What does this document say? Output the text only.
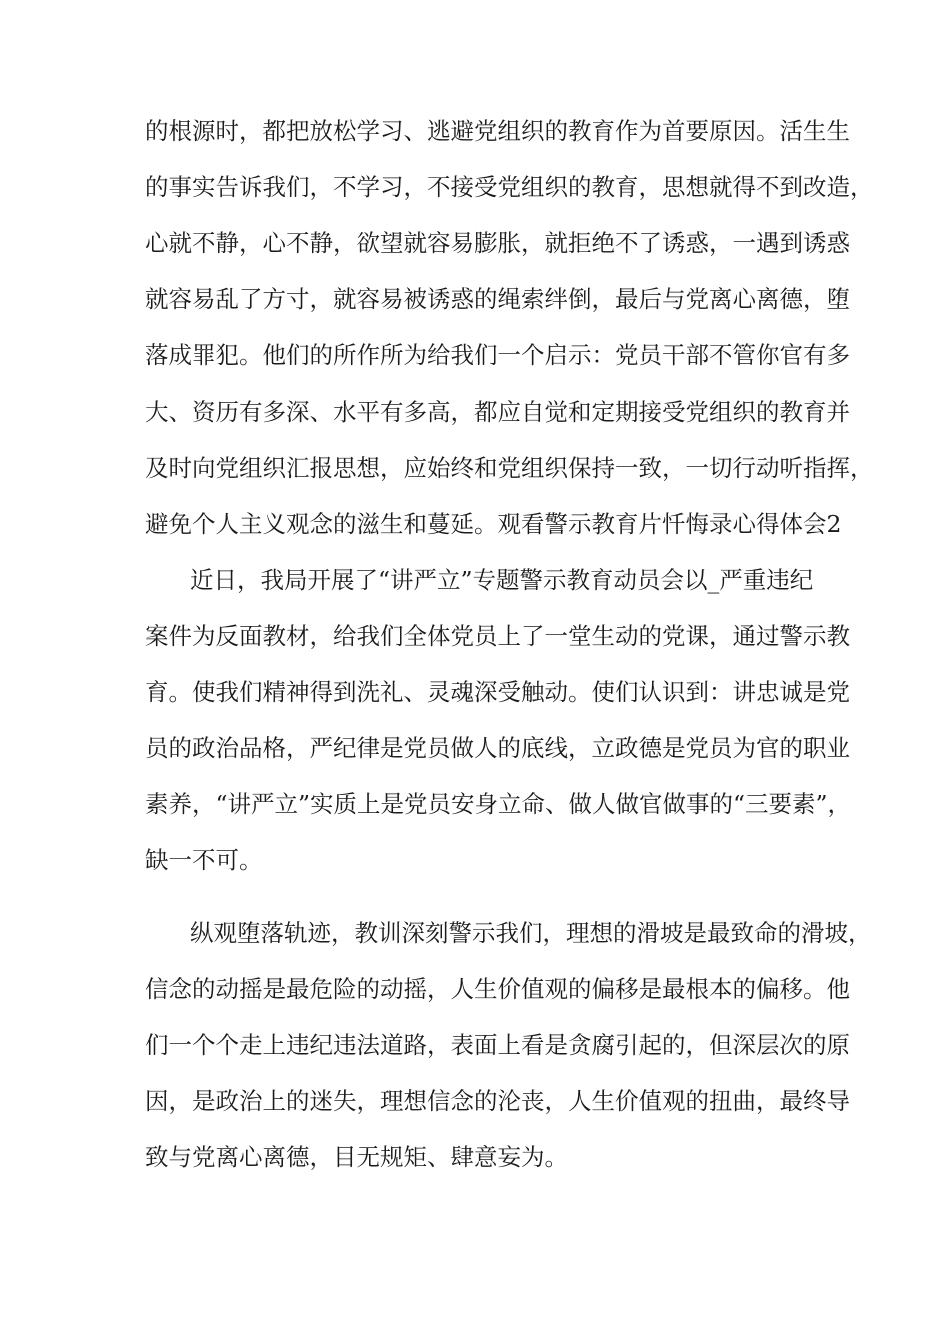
的根源时，都把放松学习、逃避党组织的教育作为首要原因。活生生
的事实告诉我们，不学习，不接受党组织的教育，思想就得不到改造，
心就不静，心不静，欲望就容易膨胀，就拒绝不了诱惑，一遇到诱惑
就容易乱了方寸，就容易被诱惑的绳索绊倒，最后与党离心离德，堕
落成罪犯。他们的所作所为给我们一个启示：党员干部不管你官有多
大、资历有多深、水平有多高，都应自觉和定期接受党组织的教育并
及时向党组织汇报思想，应始终和党组织保持一致，一切行动听指挥，
避免个人主义观念的滋生和蔓延。观看警示教育片忏悔录心得体会2
近日，我局开展了“讲严立”专题警示教育动员会以_严重违纪
案件为反面教材，给我们全体党员上了一堂生动的党课，通过警示教
育。使我们精神得到洗礼、灵魂深受触动。使们认识到：讲忠诚是党
员的政治品格，严纪律是党员做人的底线，立政德是党员为官的职业
素养，“讲严立”实质上是党员安身立命、做人做官做事的“三要素”，
缺一不可。
纵观堕落轨迹，教训深刻警示我们，理想的滑坡是最致命的滑坡，
信念的动摇是最危险的动摇，人生价值观的偏移是最根本的偏移。他
们一个个走上违纪违法道路，表面上看是贪腐引起的，但深层次的原
因，是政治上的迷失，理想信念的沦丧，人生价值观的扭曲，最终导
致与党离心离德，目无规矩、肆意妄为。
